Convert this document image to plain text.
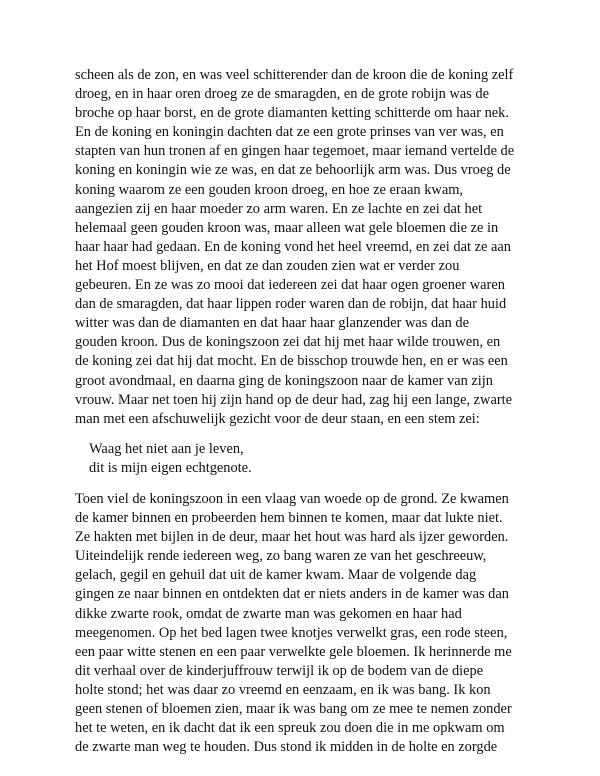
scheen als de zon, en was veel schitterender dan de kroon die de koning zelf
droeg, en in haar oren droeg ze de smaragden, en de grote robijn was de
broche op haar borst, en de grote diamanten ketting schitterde om haar nek.
En de koning en koningin dachten dat ze een grote prinses van ver was, en
stapten van hun tronen af en gingen haar tegemoet, maar iemand vertelde de
koning en koningin wie ze was, en dat ze behoorlijk arm was. Dus vroeg de
koning waarom ze een gouden kroon droeg, en hoe ze eraan kwam,
aangezien zij en haar moeder zo arm waren. En ze lachte en zei dat het
helemaal geen gouden kroon was, maar alleen wat gele bloemen die ze in
haar haar had gedaan. En de koning vond het heel vreemd, en zei dat ze aan
het Hof moest blijven, en dat ze dan zouden zien wat er verder zou
gebeuren. En ze was zo mooi dat iedereen zei dat haar ogen groener waren
dan de smaragden, dat haar lippen roder waren dan de robijn, dat haar huid
witter was dan de diamanten en dat haar haar glanzender was dan de
gouden kroon. Dus de koningszoon zei dat hij met haar wilde trouwen, en
de koning zei dat hij dat mocht. En de bisschop trouwde hen, en er was een
groot avondmaal, en daarna ging de koningszoon naar de kamer van zijn
vrouw. Maar net toen hij zijn hand op de deur had, zag hij een lange, zwarte
man met een afschuwelijk gezicht voor de deur staan, en een stem zei:

Waag het niet aan je leven,
dit is mijn eigen echtgenote.

Toen viel de koningszoon in een vlaag van woede op de grond. Ze kwamen
de kamer binnen en probeerden hem binnen te komen, maar dat lukte niet.
Ze hakten met bijlen in de deur, maar het hout was hard als ijzer geworden.
Uiteindelijk rende iedereen weg, zo bang waren ze van het geschreeuw,
gelach, gegil en gehuil dat uit de kamer kwam. Maar de volgende dag
gingen ze naar binnen en ontdekten dat er niets anders in de kamer was dan
dikke zwarte rook, omdat de zwarte man was gekomen en haar had
meegenomen. Op het bed lagen twee knotjes verwelkt gras, een rode steen,
een paar witte stenen en een paar verwelkte gele bloemen. Ik herinnerde me
dit verhaal over de kinderjuffrouw terwijl ik op de bodem van de diepe
holte stond; het was daar zo vreemd en eenzaam, en ik was bang. Ik kon
geen stenen of bloemen zien, maar ik was bang om ze mee te nemen zonder
het te weten, en ik dacht dat ik een spreuk zou doen die in me opkwam om
de zwarte man weg te houden. Dus stond ik midden in de holte en zorgde
